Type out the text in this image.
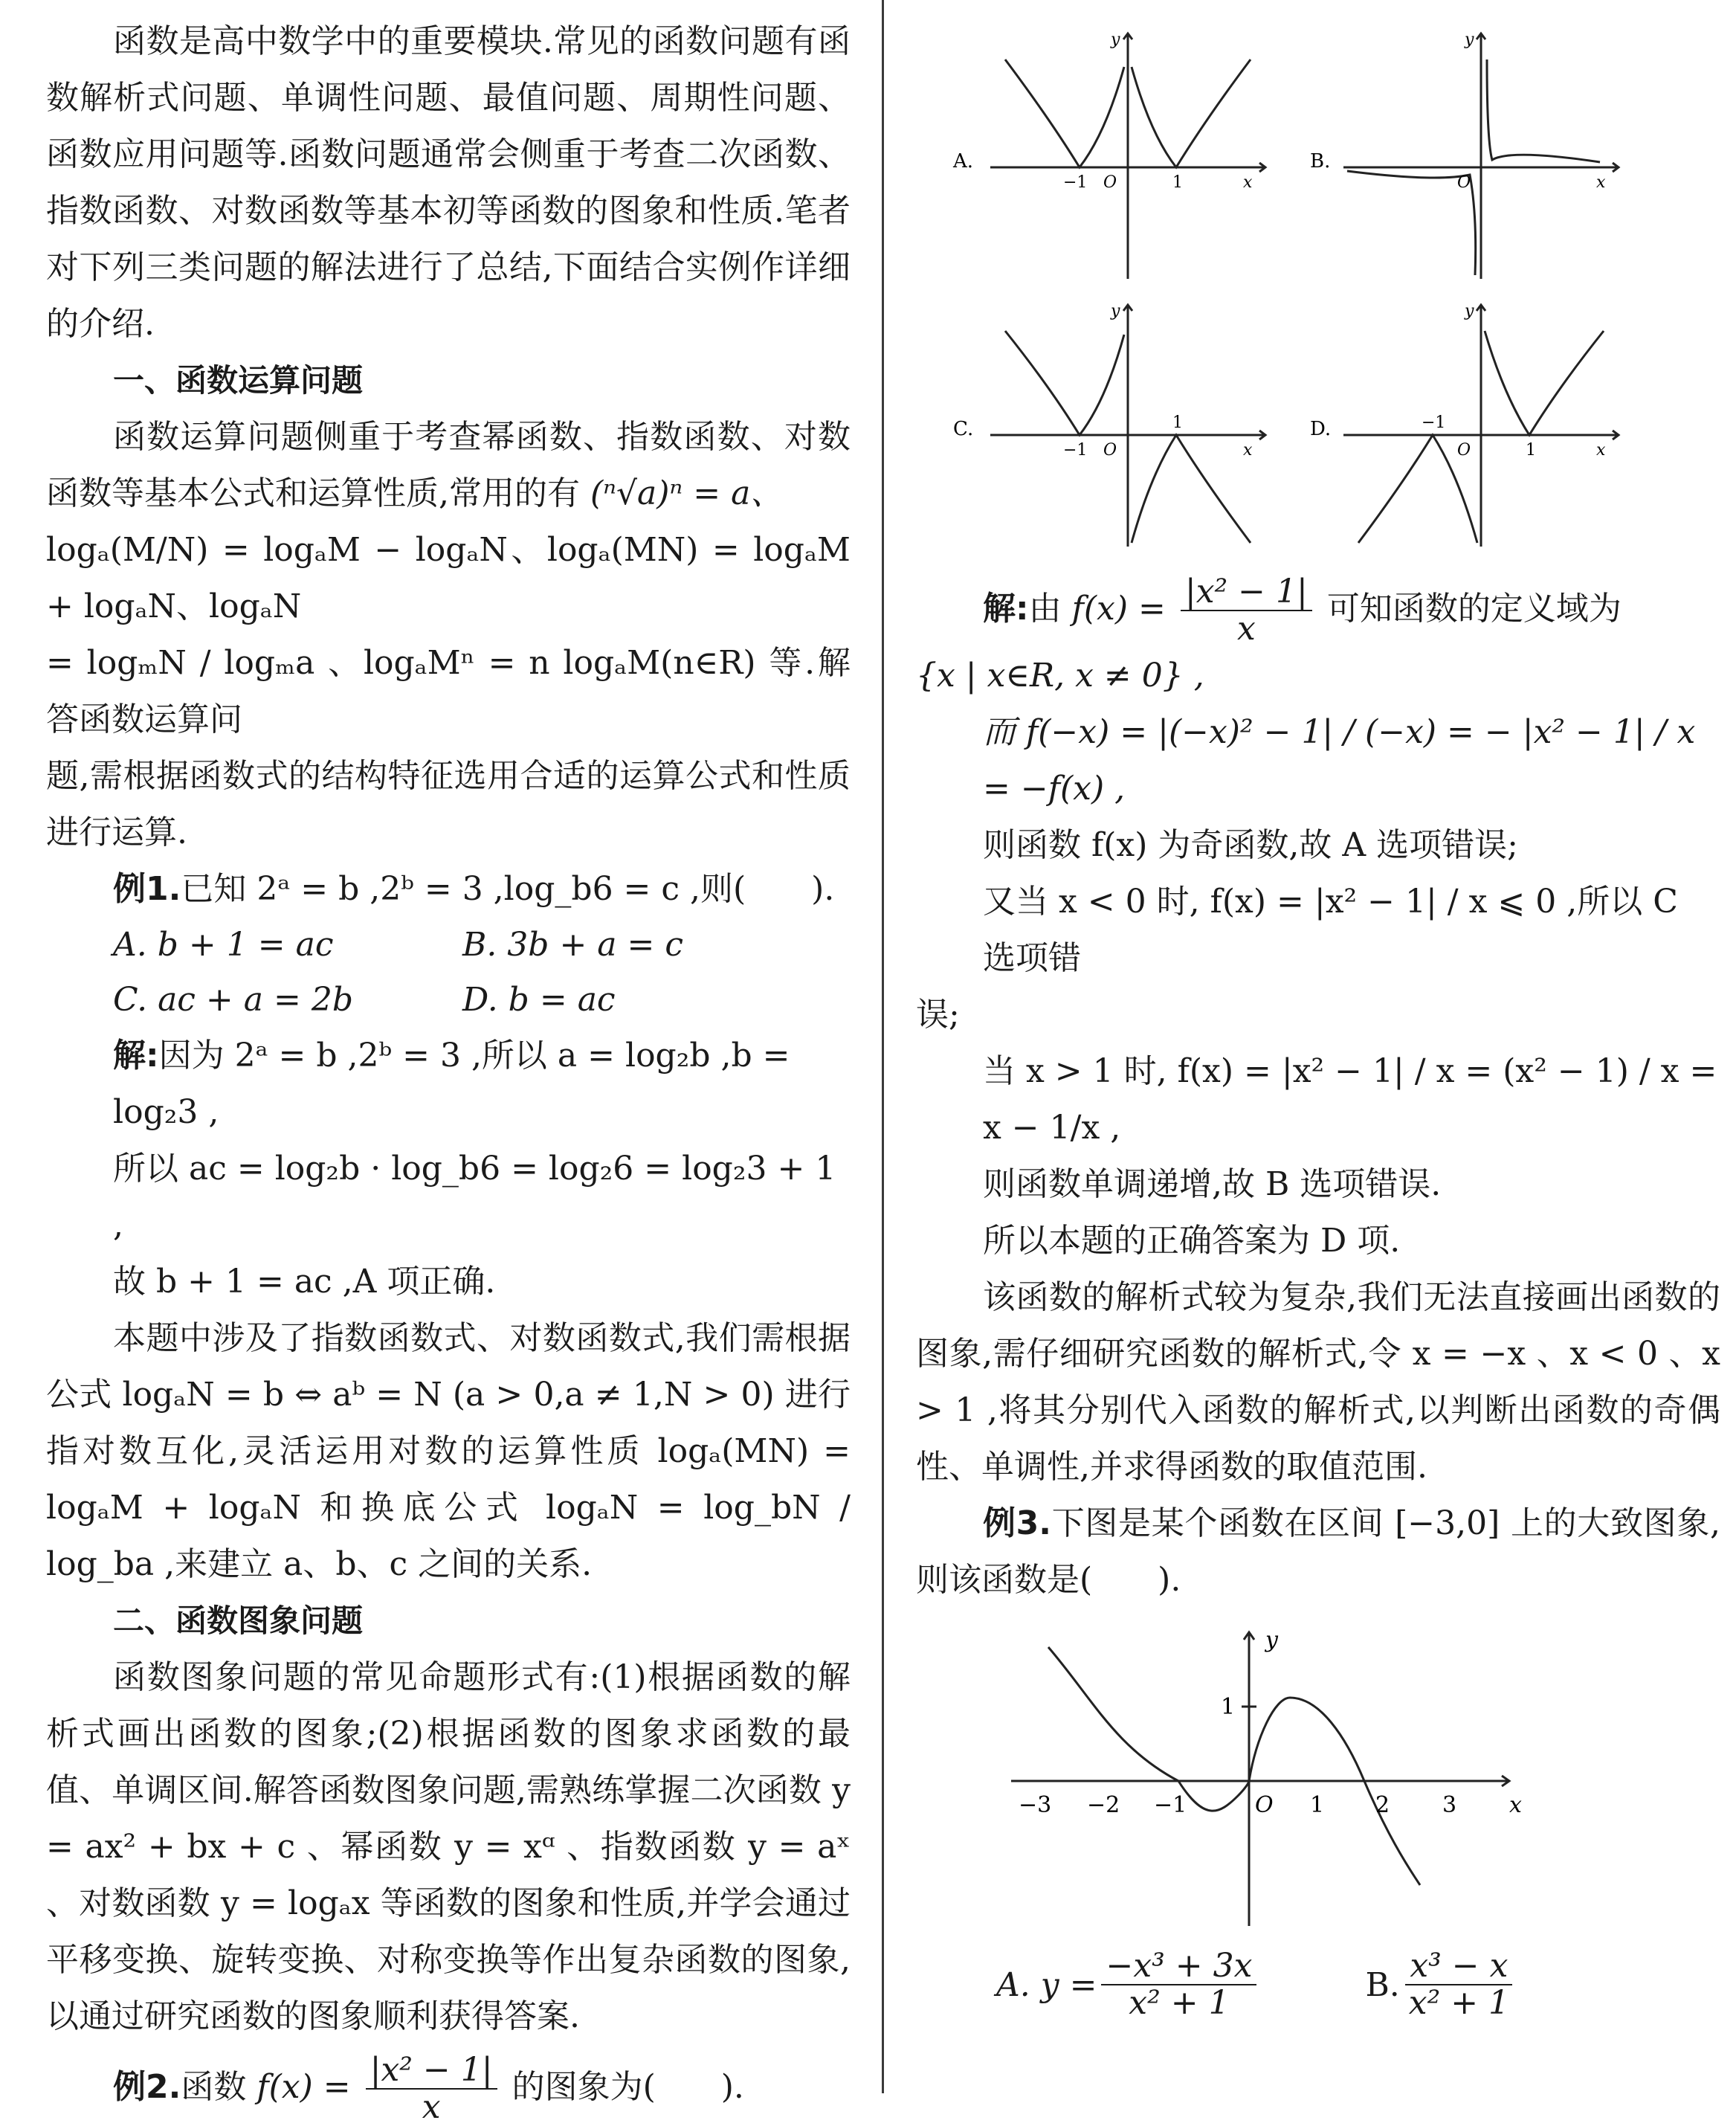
函数是高中数学中的重要模块.常见的函数问题有函数解析式问题、单调性问题、最值问题、周期性问题、函数应用问题等.函数问题通常会侧重于考查二次函数、指数函数、对数函数等基本初等函数的图象和性质.笔者对下列三类问题的解法进行了总结,下面结合实例作详细的介绍.

一、函数运算问题

函数运算问题侧重于考查幂函数、指数函数、对数函数等基本公式和运算性质,常用的有 (ⁿ√a)ⁿ = a、

logₐ(M/N) = logₐM − logₐN、logₐ(MN) = logₐM + logₐN、logₐN

= logₘN / logₘa 、logₐMⁿ = n logₐM(n∈R) 等.解答函数运算问

题,需根据函数式的结构特征选用合适的运算公式和性质进行运算.

例1.已知 2ᵃ = b ,2ᵇ = 3 ,log_b6 = c ,则(　　).
A. b + 1 = ac	B. 3b + a = c
C. ac + a = 2b	D. b = ac
解:因为 2ᵃ = b ,2ᵇ = 3 ,所以 a = log₂b ,b = log₂3 ,
所以 ac = log₂b · log_b6 = log₂6 = log₂3 + 1 ,
故 b + 1 = ac ,A 项正确.

本题中涉及了指数函数式、对数函数式,我们需根据公式 logₐN = b ⇔ aᵇ = N (a > 0,a ≠ 1,N > 0) 进行指对数互化,灵活运用对数的运算性质 logₐ(MN) = logₐM + logₐN 和换底公式 logₐN = log_bN / log_ba ,来建立 a、b、c 之间的关系.

二、函数图象问题

函数图象问题的常见命题形式有:(1)根据函数的解析式画出函数的图象;(2)根据函数的图象求函数的最值、单调区间.解答函数图象问题,需熟练掌握二次函数 y = ax² + bx + c 、幂函数 y = xᵅ 、指数函数 y = aˣ 、对数函数 y = logₐx 等函数的图象和性质,并学会通过平移变换、旋转变换、对称变换等作出复杂函数的图象,以通过研究函数的图象顺利获得答案.

例2.函数 $f(x) = \frac{\text{|x² − 1|}}{x}$ 的图象为(　　).
A.
−1 O	1	x
y
B.
O	x
y
C.
−1 O
1
x
y
D.	−1
O	1	x
y
解:由 $f(x) = \frac{\text{|x² − 1|}}{x}$ 可知函数的定义域为

{x | x∈R, x ≠ 0} ,

而 f(−x) = |(−x)² − 1| / (−x) = − |x² − 1| / x = −f(x) ,
则函数 f(x) 为奇函数,故 A 选项错误;
又当 x < 0 时, f(x) = |x² − 1| / x ⩽ 0 ,所以 C 选项错

误;

当 x > 1 时, f(x) = |x² − 1| / x = (x² − 1) / x = x − 1/x ,
则函数单调递增,故 B 选项错误.
所以本题的正确答案为 D 项.

该函数的解析式较为复杂,我们无法直接画出函数的图象,需仔细研究函数的解析式,令 x = −x 、x < 0 、x > 1 ,将其分别代入函数的解析式,以判断出函数的奇偶性、单调性,并求得函数的取值范围.

例3.下图是某个函数在区间 [−3,0] 上的大致图象,则该函数是(　　).

−3 −2 −1	O 1 2 3
1
x
y
A. $y = \frac{\text{−x³ + 3x}}{\text{x² + 1}}$	B. $\frac{\text{x³ − x}}{\text{x² + 1}}$
